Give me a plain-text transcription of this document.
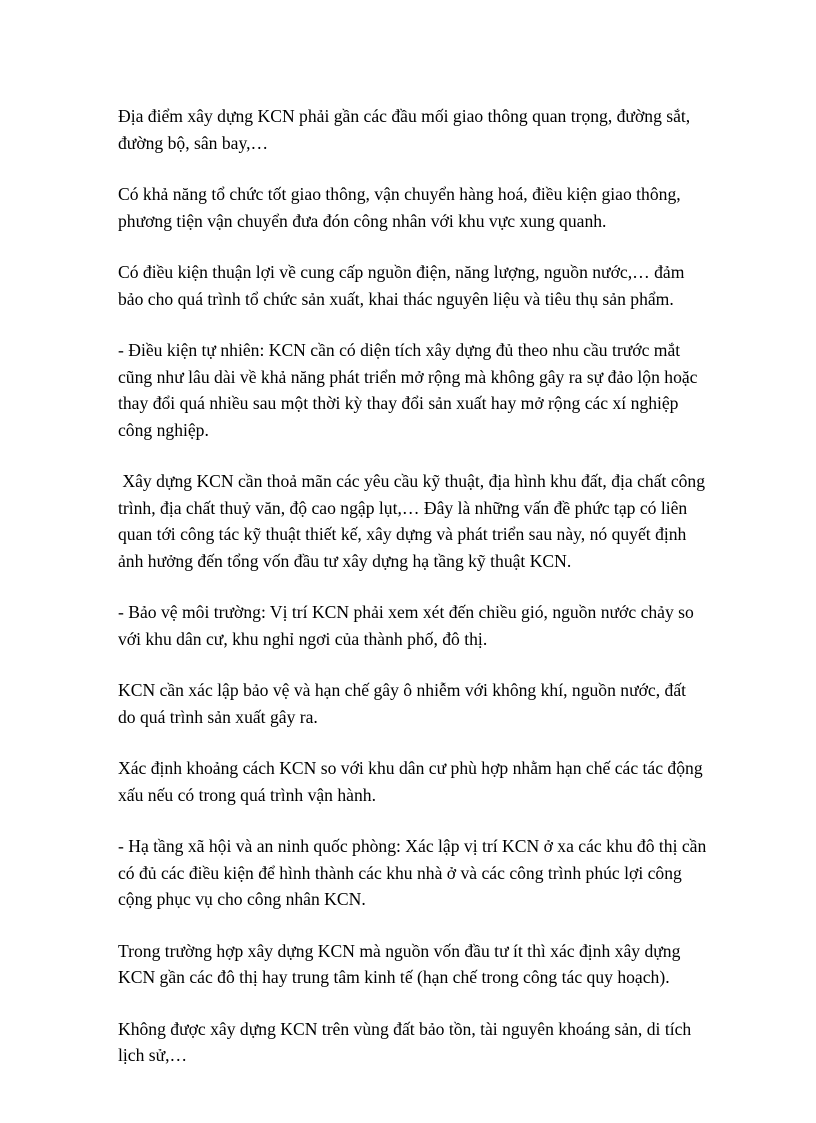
Địa điểm xây dựng KCN phải gần các đầu mối giao thông quan trọng, đường sắt, đường bộ, sân bay,…

Có khả năng tổ chức tốt giao thông, vận chuyển hàng hoá, điều kiện giao thông, phương tiện vận chuyển đưa đón công nhân với khu vực xung quanh.

Có điều kiện thuận lợi về cung cấp nguồn điện, năng lượng, nguồn nước,… đảm bảo cho quá trình tổ chức sản xuất, khai thác nguyên liệu và tiêu thụ sản phẩm.

- Điều kiện tự nhiên: KCN cần có diện tích xây dựng đủ theo nhu cầu trước mắt cũng như lâu dài về khả năng phát triển mở rộng mà không gây ra sự đảo lộn hoặc thay đổi quá nhiều sau một thời kỳ thay đổi sản xuất hay mở rộng các xí nghiệp công nghiệp.

Xây dựng KCN cần thoả mãn các yêu cầu kỹ thuật, địa hình khu đất, địa chất công trình, địa chất thuỷ văn, độ cao ngập lụt,… Đây là những vấn đề phức tạp có liên quan tới công tác kỹ thuật thiết kế, xây dựng và phát triển sau này, nó quyết định ảnh hưởng đến tổng vốn đầu tư xây dựng hạ tầng kỹ thuật KCN.

- Bảo vệ môi trường: Vị trí KCN phải xem xét đến chiều gió, nguồn nước chảy so với khu dân cư, khu nghỉ ngơi của thành phố, đô thị.

KCN cần xác lập bảo vệ và hạn chế gây ô nhiễm với không khí, nguồn nước, đất do quá trình sản xuất gây ra.

Xác định khoảng cách KCN so với khu dân cư phù hợp nhằm hạn chế các tác động xấu nếu có trong quá trình vận hành.

- Hạ tầng xã hội và an ninh quốc phòng: Xác lập vị trí KCN ở xa các khu đô thị cần có đủ các điều kiện để hình thành các khu nhà ở và các công trình phúc lợi công cộng phục vụ cho công nhân KCN.

Trong trường hợp xây dựng KCN mà nguồn vốn đầu tư ít thì xác định xây dựng KCN gần các đô thị hay trung tâm kinh tế (hạn chế trong công tác quy hoạch).

Không được xây dựng KCN trên vùng đất bảo tồn, tài nguyên khoáng sản, di tích lịch sử,…
